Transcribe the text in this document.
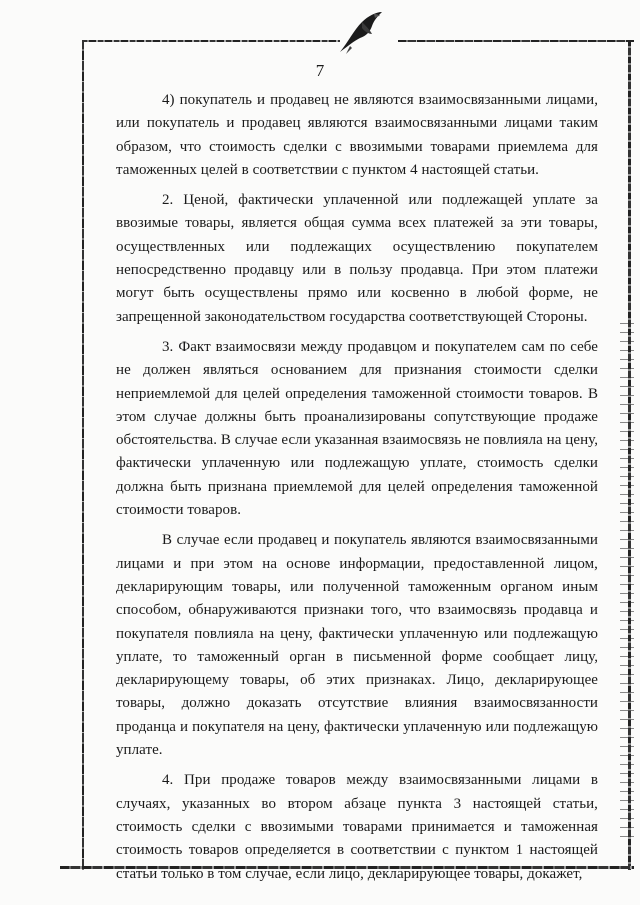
7

4) покупатель и продавец не являются взаимосвязанными лицами, или покупатель и продавец являются взаимосвязанными лицами таким образом, что стоимость сделки с ввозимыми товарами приемлема для таможенных целей в соответствии с пунктом 4 настоящей статьи.

2. Ценой, фактически уплаченной или подлежащей уплате за ввозимые товары, является общая сумма всех платежей за эти товары, осуществленных или подлежащих осуществлению покупателем непосредственно продавцу или в пользу продавца. При этом платежи могут быть осуществлены прямо или косвенно в любой форме, не запрещенной законодательством государства соответствующей Стороны.

3. Факт взаимосвязи между продавцом и покупателем сам по себе не должен являться основанием для признания стоимости сделки неприемлемой для целей определения таможенной стоимости товаров. В этом случае должны быть проанализированы сопутствующие продаже обстоятельства. В случае если указанная взаимосвязь не повлияла на цену, фактически уплаченную или подлежащую уплате, стоимость сделки должна быть признана приемлемой для целей определения таможенной стоимости товаров.

В случае если продавец и покупатель являются взаимосвязанными лицами и при этом на основе информации, предоставленной лицом, декларирующим товары, или полученной таможенным органом иным способом, обнаруживаются признаки того, что взаимосвязь продавца и покупателя повлияла на цену, фактически уплаченную или подлежащую уплате, то таможенный орган в письменной форме сообщает лицу, декларирующему товары, об этих признаках. Лицо, декларирующее товары, должно доказать отсутствие влияния взаимосвязанности проданца и покупателя на цену, фактически уплаченную или подлежащую уплате.

4. При продаже товаров между взаимосвязанными лицами в случаях, указанных во втором абзаце пункта 3 настоящей статьи, стоимость сделки с ввозимыми товарами принимается и таможенная стоимость товаров определяется в соответствии с пунктом 1 настоящей статьи только в том случае, если лицо, декларирующее товары, докажет,
